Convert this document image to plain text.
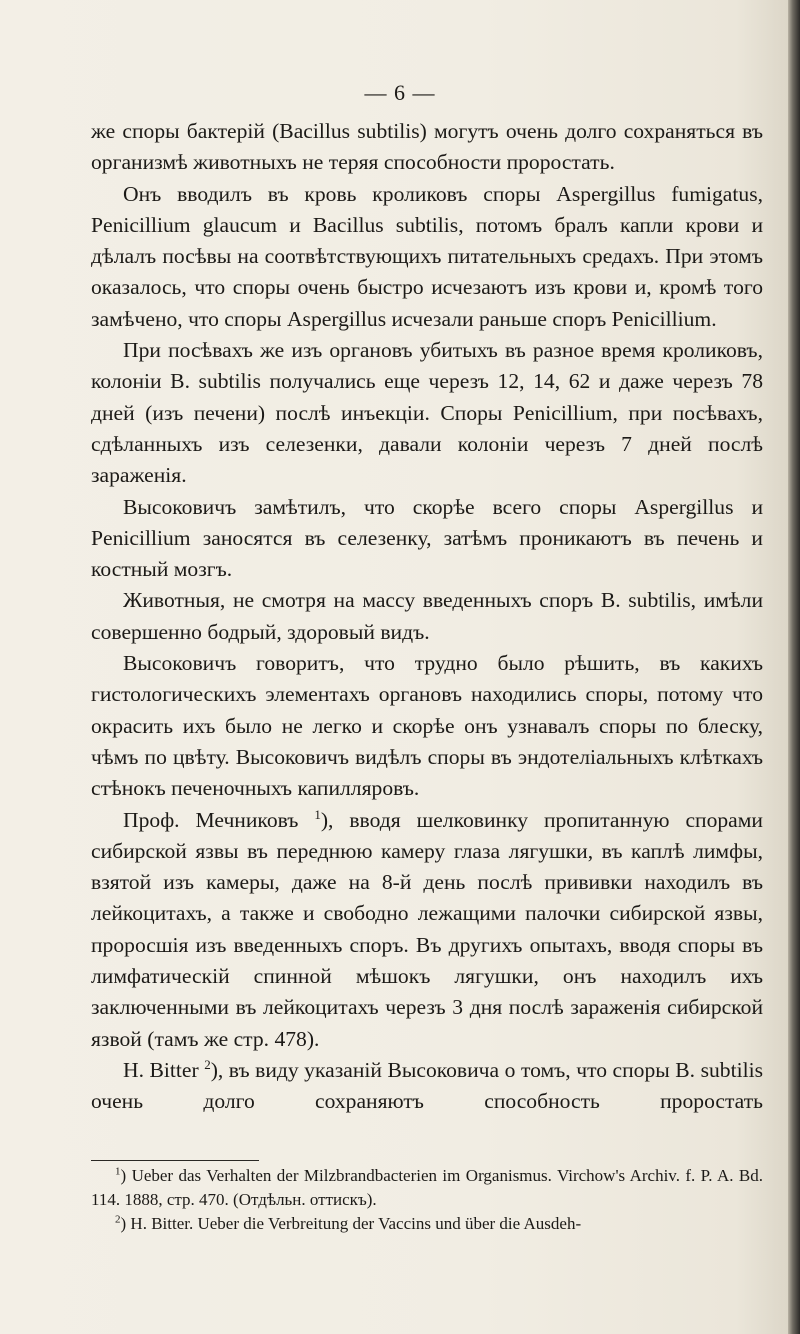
— 6 —

же споры бактерій (Bacillus subtilis) могутъ очень долго сохраняться въ организмѣ животныхъ не теряя способности проростать.

Онъ вводилъ въ кровь кроликовъ споры Aspergillus fumigatus, Penicillium glaucum и Bacillus subtilis, потомъ бралъ капли крови и дѣлалъ посѣвы на соотвѣтствующихъ питательныхъ средахъ. При этомъ оказалось, что споры очень быстро исчезаютъ изъ крови и, кромѣ того замѣчено, что споры Aspergillus исчезали раньше споръ Penicillium.

При посѣвахъ же изъ органовъ убитыхъ въ разное время кроликовъ, колоніи B. subtilis получались еще черезъ 12, 14, 62 и даже черезъ 78 дней (изъ печени) послѣ инъекціи. Споры Penicillium, при посѣвахъ, сдѣланныхъ изъ селезенки, давали колоніи черезъ 7 дней послѣ зараженія.

Высоковичъ замѣтилъ, что скорѣе всего споры Aspergillus и Penicillium заносятся въ селезенку, затѣмъ проникаютъ въ печень и костный мозгъ.

Животныя, не смотря на массу введенныхъ споръ B. subtilis, имѣли совершенно бодрый, здоровый видъ.

Высоковичъ говоритъ, что трудно было рѣшить, въ какихъ гистологическихъ элементахъ органовъ находились споры, потому что окрасить ихъ было не легко и скорѣе онъ узнавалъ споры по блеску, чѣмъ по цвѣту. Высоковичъ видѣлъ споры въ эндотеліальныхъ клѣткахъ стѣнокъ печеночныхъ капилляровъ.

Проф. Мечниковъ $^1$), вводя шелковинку пропитанную спорами сибирской язвы въ переднюю камеру глаза лягушки, въ каплѣ лимфы, взятой изъ камеры, даже на 8-й день послѣ прививки находилъ въ лейкоцитахъ, а также и свободно лежащими палочки сибирской язвы, проросшія изъ введенныхъ споръ. Въ другихъ опытахъ, вводя споры въ лимфатическій спинной мѣшокъ лягушки, онъ находилъ ихъ заключенными въ лейкоцитахъ черезъ 3 дня послѣ зараженія сибирской язвой (тамъ же стр. 478).

H. Bitter $^2$), въ виду указаній Высоковича о томъ, что споры B. subtilis очень долго сохраняютъ способность проростать

$^1$) Ueber das Verhalten der Milzbrandbacterien im Organismus. Virchow's Archiv. f. P. A. Bd. 114. 1888, стр. 470. (Отдѣльн. оттискъ).

$^2$) H. Bitter. Ueber die Verbreitung der Vaccins und über die Ausdeh-
